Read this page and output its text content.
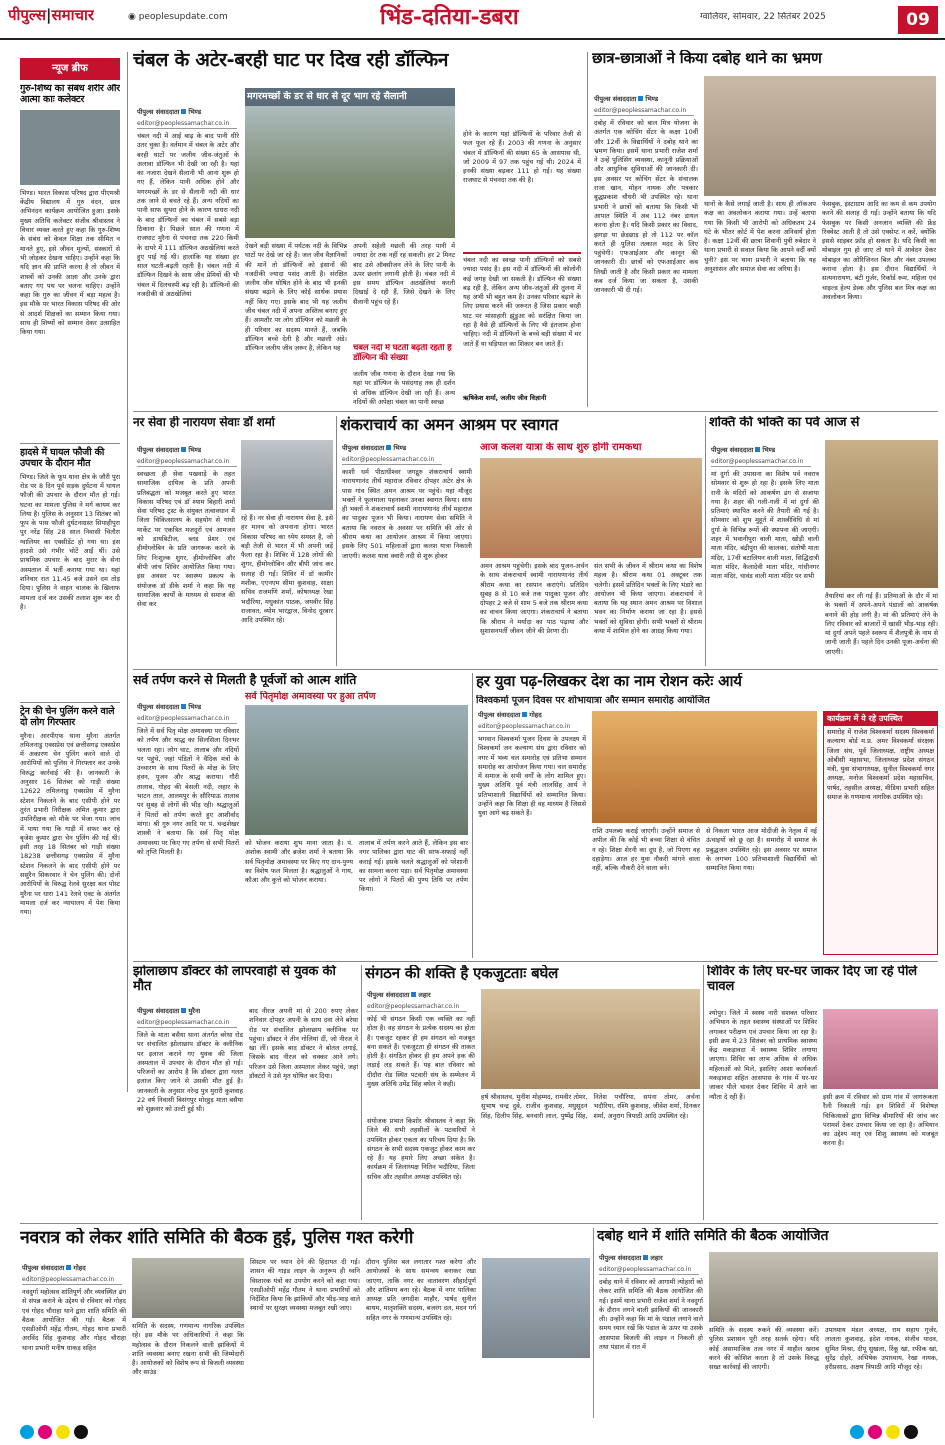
पीपुल्स|समाचार	◉ peoplesupdate.com	भिंड-दतिया-डबरा	ग्वालियर, सोमवार, 22 सितंबर 2025	09
न्यूज ब्रीफ
गुरु-शिष्य का संबंध शरीर और आत्मा काः कलेक्टर
भिण्ड। भारत विकास परिषद द्वारा पीएमश्री केंद्रीय विद्यालय में गुरु वंदन, छात्र अभिनंदन कार्यक्रम आयोजित हुआ। इसके मुख्य अतिथि कलेक्टर संजीव श्रीवास्तव ने विचार व्यक्त करते हुए कहा कि गुरु-शिष्य के संबंध को केवल शिक्षा तक सीमित न मानते हुए, इसे जीवन मूल्यों, संस्कारों से भी जोड़कर देखना चाहिए। उन्होंने कहा कि यदि ज्ञान की प्राप्ति करना है तो जीवन में शास्त्रों को उनकी आज्ञा और उनके द्वारा बताए गए पथ पर चलना चाहिए। उन्होंने कहा कि गुरु का जीवन में बड़ा महत्व है। इस मौके पर भारत विकास परिषद की ओर से आदर्श शिक्षकों का सम्मान किया गया। साथ ही शिष्यों को सम्मान देकर उत्साहित किया गया।
हादसे में घायल फौजी की उपचार के दौरान मौत
भिण्ड। जिले के फूप थाना क्षेत्र के जौरी पुरा रोड पर 8 दिन पूर्व सड़क दुर्घटना में घायल फौजी की उपचार के दौरान मौत हो गई। घटना का मामला पुलिस ने मर्ग कायम कर लिया है। पुलिस के अनुसार 13 सितंबर को फूप के पास फौजी दुर्घटनाग्रस्त सिपाहीपुरा पुर नरेंद्र सिंह 28 साल निवासी चितौरा ग्वालियर का एक्सीडेंट हो गया था। इस हादसे उसे गंभीर चोटें आईं थीं। उसे प्राथमिक उपचार के बाद मुरार के सेना अस्पताल में भर्ती कराया गया था। यहां शनिवार रात 11.45 बजे उसने दम तोड़ दिया। पुलिस ने वाहन चालक के खिलाफ मामला दर्ज कर उसकी तलाश शुरू कर दी है।
ट्रेन की चेन पुलिंग करने वाले दो लोग गिरफ्तार
मुरैना। आरपीएफ थाना मुरैना अंतर्गत तमिलनाडु एक्सप्रेस एवं छत्तीसगढ़ एक्सप्रेस में अकारण चेन पुलिंग करने वाले दो आरोपियों को पुलिस ने गिरफ्तार कर उनके विरुद्ध कार्रवाई की है। जानकारी के अनुसार 16 सितंबर को गाड़ी संख्या 12622 तमिलनाडु एक्सप्रेस में मुरैना स्टेशन निकलने के बाद एसीपी होने पर तुरंत प्रभारी निरीक्षक अमित कुमार द्वारा उपनिरीक्षक को मौके पर भेजा गया। जांच में पाया गया कि गाड़ी में सफर कर रहे बृजेश कुमार द्वारा चेन पुलिंग की गई थी। इसी तरह 18 सितंबर को गाड़ी संख्या 18238 छत्तीसगढ़ एक्सप्रेस में मुरैना स्टेशन निकलने के बाद एसीपी होने पर ससुरैन सिकरवार ने चेन पुलिंग की। दोनों आरोपियों के विरुद्ध रेलवे सुरक्षा बल पोस्ट मुरैना पर धारा 141 रेलवे एक्ट के अंतर्गत मामला दर्ज कर न्यायालय में पेश किया गया।
चंबल के अटेर-बरही घाट पर दिख रही डॉल्फिन
पीपुल्स संवाददाता भिण्ड
editor@peoplessamachar.co.in
चंबल नदी में आई बाढ़ के बाद पानी धीरे उतर चुका है। वर्तमान में चंबल के अटेर और बरही घाटों पर जलीय जीव-जंतुओं के अलावा डॉल्फिन भी देखी जा रही है। यहां का नजारा देखने सैलानी भी आना शुरू हो गए हैं, लेकिन पानी अधिक होने और मगरमच्छों के डर से सैलानी नदी की धार तक जाने से बचते रहे हैं। अन्य नदियों का पानी साफ सुथरा होने के कारण धाधरा नदी के बाद डॉल्फिनों का चंबल में सबसे बड़ा ठिकाना है। पिछले साल की गणना में राजघाट मुरैना से पंचनदा तक 220 किमी के दायरे में 111 डॉल्फिन अठखेलियां करते हुए पाई गई थी। हालांकि यह संख्या हर साल घटती-बढ़ती रहती है। चंबल नदी में डॉल्फिन दिखने के साथ जीव प्रेमियों की भी चंबल में दिलचस्पी बढ़ रही है। डॉल्फिनों की नजदीकी से अठखेलियां
मगरमच्छों के डर से धार से दूर भाग रहे सैलानी
देखने बड़ी संख्या में पर्यटक नदी के विभिन्न घाटों पर देखे जा रहे हैं। जल जीव वैज्ञानिकों की मानें तो डॉल्फिनों को इंसानों की नजदीकी ज्यादा पसंद आती है। संरक्षित जलीय जीव घोषित होने के बाद भी इनकी संख्या बढ़ाने के लिए कोई सार्थक प्रयास नहीं किए गए। इसके बाद भी यह जलीय जीव चंबल नदी में अपना अस्तित्व बनाए हुए हैं। आमतौर पर लोग डॉल्फिन को मछली के ही परिवार का सदस्य मानते हैं, जबकि डॉल्फिन बच्चे देती है और मछली अंडे। डॉल्फिन जलीय जीव ज़रूर है, लेकिन यह
अपनी सहेली मछली की तरह पानी में ज्यादा देर तक नहीं रह सकती। हर 2 मिनट बाद उसे ऑक्सीजन लेने के लिए पानी के ऊपर छलांग लगानी होती है। चंबल नदी में इस समय डॉल्फिन अठखेलियां करती दिखाई दे रही हैं, जिसे देखने के लिए सैलानी पहुंच रहे हैं।
चंबल नदी में घटती बढ़ती रहती है डॉल्फिन की संख्या
जलीय जीव गणना के दौरान देखा गया कि यहां पर डॉल्फिन के पसंदगाह तक ही दर्शन से अधिक डॉल्फिन देखी जा रही हैं। अन्य नदियों की अपेक्षा चंबल का पानी स्वच्छ
होने के कारण यहां डॉल्फिनों के परिवार तेजी से फल फूल रहे हैं। 2003 की गणना के अनुसार चंबल में डॉल्फिनों की संख्या 65 के आसपास थी, जो 2009 में 97 तक पहुंच गई थी। 2024 में इनकी संख्या बढ़कर 111 हो गई। यह संख्या राजघाट से पंचनदा तक की है।
चंबल नदी का स्वच्छ पानी डॉल्फिनों को सबसे ज्यादा पसंद है। इस नदी में डॉल्फिनों की कॉलोनी कई जगह देखी जा सकती है। डॉल्फिन की संख्या बढ़ रही है, लेकिन अन्य जीव-जंतुओं की तुलना में यह अभी भी बहुत कम है। उनका परिवार बढ़ाने के लिए प्रयास करने की जरूरत है जिस प्रकार बरही घाट पर मांसाहारी झुंडुआ को सरंक्षित किया जा रहा है वैसे ही डॉल्फिनों के लिए भी इंतजाम होना चाहिए। नदी में डॉल्फिनों के बच्चे बड़ी संख्या में मर जाते हैं या घड़ियाल का शिकार बन जाते हैं।
ऋषिकेश शर्मा, जलीय जीव विज्ञानी
छात्र-छात्राओं ने किया दबोह थाने का भ्रमण
पीपुल्स संवाददाता भिण्ड
editor@peoplessamachar.co.in
दबोह में रविवार को बाल मित्र योजना के अंतर्गत एक कोचिंग सेंटर के कक्षा 10वीं और 12वीं के विद्यार्थियों ने दबोह थाने का भ्रमण किया। इसमें थाना प्रभारी राजेश शर्मा ने उन्हें पुलिसिंग व्यवस्था, कानूनी प्रक्रियाओं और आधुनिक सुविधाओं की जानकारी दी। इस अवसर पर कोचिंग सेंटर के संचालक राजा खान, मोहन नायक और पत्रकार बुद्धप्रकाश चौधरी भी उपस्थित रहे। थाना प्रभारी ने छात्रों को बताया कि किसी भी आपात स्थिति में अब 112 नंबर डायल करना होता है। यदि किसी प्रकार का विवाद, झगड़ा या छेड़छाड़ हो तो 112 पर कॉल करते ही पुलिस तत्काल मदद के लिए पहुंचेगी। एफआईआर और कानून की जानकारी दी। छात्रों को एफआईआर कब लिखी जाती है और किसी प्रकार का मामला कब दर्ज किया जा सकता है, उसकी जानकारी भी दी गई।
थानों के कैसे लगाई जाती है। साथ ही लॉकअप कक्ष का अवलोकन कराया गया। उन्हें बताया गया कि किसी भी आरोपी को अधिकतम 24 घंटे के भीतर कोर्ट में पेश करना अनिवार्य होता है। कक्षा 12वीं की छात्रा शिवानी पुत्री रुबेदार ने थाना प्रभारी से सवाल किया कि आपने वर्दी क्यों चुनी? इस पर थाना प्रभारी ने बताया कि यह अनुशासन और समाज सेवा का जरिया है।
फेसबुक, इंस्टाग्राम आदि का कम से कम उपयोग करने की सलाह दी गई। उन्होंने बताया कि यदि फेसबुक पर किसी अनजान व्यक्ति की फ्रेंड रिक्वेस्ट आती है तो उसे एक्सेप्ट न करें, क्योंकि इससे साइबर फ्रॉड हो सकता है। यदि किसी का मोबाइल गुम हो जाए तो थाने में आवेदन देकर मोबाइल का ओरिजिनल बिल और नंबर उपलब्ध कराना होता है। इस दौरान विद्यार्थियों ने सत्यनारायण, बंटी गुर्जर, रिकॉर्ड रूम, महिला एवं चाइल्ड हेल्प डेस्क और पुलिस बल मित्र कक्ष का अवलोकन किया।
नर सेवा ही नारायण सेवाः डॉ शर्मा
पीपुल्स संवाददाता भिण्ड
editor@peoplessamachar.co.in
स्वच्छता ही सेवा पखवाड़े के तहत सामाजिक दायित्व के प्रति अपनी प्रतिबद्धता को मजबूत करते हुए भारत विकास परिषद एवं डॉ श्याम बिहारी शर्मा सेवा परिषद ट्रस्ट के संयुक्त तत्वावधान में जिला चिकित्सालय के सहयोग से गांधी मार्केट पर एकत्रित मजदूरों एवं आमजन को डायबिटीज, ब्लड प्रेशर एवं हीमोग्लोबिन के प्रति जागरूक करने के लिए निःशुल्क शुगर, हीमोग्लोबिन और बीपी जांच शिविर आयोजित किया गया। इस अवसर पर स्वास्थ्य प्रकल्प के संयोजक डॉ डीके शर्मा ने कहा कि यह सामाजिक कार्यों के माध्यम से समाज की सेवा कर
रहे हैं। नर सेवा ही नारायण सेवा है, इसे हर मानव को अपनाना होगा। भारत विकास परिषद का ध्येय समस्त है, जो बड़ी तेजी से भारत में भी अपनी जड़ें फैला रहा है। शिविर में 128 लोगों की शुगर, हीमोग्लोबिन और बीपी जांच कर सलाह दी गई। शिविर में डॉ कामीर मशीक, एएनएम सीमा कुशवाह, साक्षा सचिव राजमणि शर्मा, कोषाध्यक्ष रेखा भदौरिया, मधुकांत पाठक, जयवीर सिंह राजावत, व्योम भारद्वाज, विनोद दूरबार आदि उपस्थित रहे।
शंकराचार्य का अमन आश्रम पर स्वागत
पीपुल्स संवाददाता भिण्ड
editor@peoplessamachar.co.in
आज कलश यात्रा के साथ शुरु होगी रामकथा
काशी धर्म पीठाधीश्वर जगद्गुरु शंकराचार्य स्वामी नारायणानंद तीर्थ महाराज रविवार दोपहर अटेर क्षेत्र के पास गांव स्थित अमन आश्रम पर पहुंचे। यहां मौजूद भक्तों ने फूलमाला पहनाकर उनका स्वागत किया। साथ ही भक्तों ने शंकराचार्य स्वामी नारायणानंद तीर्थ महाराज का पादुका पूजन भी किया। नारायण सेवा समिति ने बताया कि नवरात्र के अवसर पर समिति की ओर से श्रीराम कथा का आयोजन आश्रम में किया जाएगा। इसके लिए 501 महिलाओं द्वारा कलश यात्रा निकाली जाएगी। कलश यात्रा क्वारी नदी से शुरू होकर
अमन आश्रम पहुंचेगी। इसके बाद पूजन-अर्चन के साथ शंकराचार्य स्वामी नारायणानंद तीर्थ श्रीराम कथा का रसपान कराएंगे। प्रतिदिन सुबह 8 से 10 बजे तक पादुका पूजन और दोपहर 2 बजे से शाम 5 बजे तक श्रीराम कथा का वाचन किया जाएगा। शंकराचार्य ने बताया कि श्रीराम ने मर्यादा का पाठ पढ़ाया और सुशासनपर्ती जीवन जीने की प्रेरणा दी।
संत सभी के जीवन में श्रीराम कथा का विशेष महत्व है। श्रीराम कथा 01 अक्टूबर तक चलेगी। इसमें प्रतिदिन भक्तों के लिए भंडारे का आयोजन भी किया जाएगा। शंकराचार्य ने बताया कि यह स्थान अमन आश्रम पर विशाल भवन का निर्माण कराया जा रहा है। इससे भक्तों को सुविधा होगी। सभी भक्तों से श्रीराम कथा में शामिल होने का आग्रह किया गया।
शक्ति की भक्ति का पर्व आज से
पीपुल्स संवाददाता भिण्ड
editor@peoplessamachar.co.in
मां दुर्गा की उपासना का विशेष पर्व नवरात्र सोमवार से शुरू हो रहा है। इसके लिए माता रानी के मंदिरों को आकर्षण ढंग से सजाया गया है। शहर की गली-गली में मां दुर्गा की प्रतिमाएं स्थापित करने की तैयारी की गई है। सोमवार को शुभ मुहूर्त में शास्त्रीविधि से मां दुर्गा के विभिन्न रूपों की स्थापना की जाएगी। शहर में भवानीपुरा वाली माता, खोड़ी वाली माता मंदिर, बंद्रीपुरा की कालका, संतोषी माता मंदिर, 17वीं बटालियन वाली माता, सिद्धिदात्री माता मंदिर, कैलादेवी माता मंदिर, गांधीनगर माता मंदिर, चावंड वाली माता मंदिर पर सभी
तैयारियां कर ली गई हैं। प्रतिमाओं के दौर में मां के भक्तों में अपने-अपने पंडालों को आकर्षक बनाने की होड़ लगी है। मां की प्रतिमाएं लेने के लिए रविवार को बाजारों में खासी भीड़-भाड़ रही। मां दुर्गा अपने पहले स्वरूप में शैलपुत्री के नाम से जानी जाती हैं। पहले दिन उनकी पूजा-अर्चना की जाएगी।
सर्व तर्पण करने से मिलती है पूर्वजों को आत्म शांति
पीपुल्स संवाददाता भिण्ड
editor@peoplessamachar.co.in
सर्व पितृमोक्ष अमावस्या पर हुआ तर्पण
जिले में सर्व पितृ मोक्ष अमावस्या पर रविवार को तर्पण और श्राद्ध का सिलसिला दिनभर चलता रहा। लोग घाट, तालाब और नदियों पर पहुंचे, जहां पंडितों ने वैदिक मंत्रों के उच्चारण के साथ पितरों के मोक्ष के लिए हवन, पूजन और श्राद्ध कराया। गौरी तालाब, गोहद की बेसली नदी, लहार के भाटन ताल, आलमपुर के सौरियाऊ तालाब पर सुबह से लोगों की भीड़ रही। श्रद्धालुओं ने पितरों को तर्पण करते हुए आशीर्वाद मांगा। श्री गुरु नगर आदि पर पं. चन्द्रशेखर शास्त्री ने बताया कि सर्व पितृ मोक्ष अमावस्या पर किए गए तर्पण से सभी पितरों को तृप्ति मिलती है।
को भोजन कराया शुभ माना जाता है। पं. अशोक स्वामी और ब्रजेश शर्मा ने बताया कि सर्व पितृमोक्ष अमावस्या पर किए गए दान-पुण्य का विशेष फल मिलता है। श्रद्धालुओं ने गाय, कौआ और कुत्ते को भोजन कराया।
तालाब में तर्पण करने आते हैं, लेकिन इस बार नगर पालिका द्वारा घाट की साफ-सफाई नहीं कराई गई। इसके चलते श्रद्धालुओं को परेशानी का सामना करना पड़ा। सर्व पितृमोक्ष अमावस्या पर लोगों ने पितरों की पुण्य तिथि पर तर्पण किया।
हर युवा पढ़-लिखकर देश का नाम रोशन करेः आर्य
विश्वकर्मा पूजन दिवस पर शोभायात्रा और सम्मान समारोह आयोजित
पीपुल्स संवाददाता गोहद
editor@peoplessamachar.co.in
भगवान विश्वकर्मा पूजन दिवस के उपलक्ष्य में विश्वकर्मा जन कल्याण संघ द्वारा रविवार को नगर में भव्य चल समारोह एवं प्रतिभा सम्मान समारोह का आयोजन किया गया। चल समारोह में समाज के सभी वर्गों के लोग शामिल हुए। मुख्य अतिथि पूर्व मंत्री लालसिंह आर्य ने प्रतिभाशाली विद्यार्थियों को सम्मानित किया। उन्होंने कहा कि शिक्षा ही वह माध्यम है जिससे युवा आगे बढ़ सकते हैं।
राशि उपलब्ध कराई जाएगी। उन्होंने समाज से अपील की कि कोई भी बच्चा शिक्षा से वंचित न रहे। शिक्षा शेरनी का दूध है, जो पिएगा वह दहाड़ेगा। आज हर युवा नौकरी मांगने वाला नहीं, बल्कि नौकरी देने वाला बने।
से निकला भारत आज मोदीजी के नेतृत्व में नई ऊंचाइयों को छू रहा है। समारोह में समाज के प्रबुद्धजन उपस्थित रहे। इस अवसर पर समाज के लगभग 100 प्रतिभाशाली विद्यार्थियों को सम्मानित किया गया।
कार्यक्रम में ये रहे उपस्थित
समारोह में राजेश विश्वकर्मा सदस्य विश्वकर्मा कल्याण बोर्ड म.प्र. अमर विश्वकर्मा संरक्षक जिला संघ, पूर्व जिलाध्यक्ष, राष्ट्रीय अध्यक्ष ओबीसी महासभा, जिलाध्यक्ष प्रदेश संगठन मंत्री, युवा संभागाध्यक्ष, सुनील विश्वकर्मा नगर अध्यक्ष, मनोज विश्वकर्मा प्रदेश महासचिव, पार्षद, तहसील अध्यक्ष, मीडिया प्रभारी सहित समाज के गणमान्य नागरिक उपस्थित रहे।
झोलाछाप डॉक्टर की लापरवाही से युवक की मौत
पीपुल्स संवाददाता मुरैना
editor@peoplessamachar.co.in
जिले के माता बसैया थाना अंतर्गत बरेथा रोड पर संचालित झोलाछाप डॉक्टर के क्लीनिक पर इलाज कराने गए युवक की जिला अस्पताल में उपचार के दौरान मौत हो गई। परिजनों का आरोप है कि डॉक्टर द्वारा गलत इलाज किए जाने से उसकी मौत हुई है। जानकारी के अनुसार नरेन्द्र पुत्र मुरारी कुशवाह 22 वर्ष निवासी बिसंगपुर मोरहुड़ माता बसैया को शुक्रवार को उल्टी हुई थी।
बाद नीरज अपनी मां से 200 रुपए लेकर शनिवार दोपहर अपनी के साथ दवा लेने बरेथा रोड पर संचालित झोलाछाप क्लीनिक पर पहुंचा। डॉक्टर ने तीन गोलियां दीं, जो नीरज ने खा लीं। इसके बाद डॉक्टर ने बोतल लगाई, जिसके बाद नीरज को चक्कर आने लगे। परिजन उसे जिला अस्पताल लेकर पहुंचे, जहां डॉक्टरों ने उसे मृत घोषित कर दिया।
संगठन की शक्ति है एकजुटताः बघेल
पीपुल्स संवाददाता लहार
editor@peoplessamachar.co.in
कोई भी संगठन किसी एक व्यक्ति का नहीं होता है। वह संगठन के प्रत्येक सदस्य का होता है। एकजुट रहकर ही हम संगठन को मजबूत बना सकते हैं। एकजुटता ही संगठन की ताकत होती है। संगठित होकर ही हम अपने हक की लड़ाई लड़ सकते हैं। यह बात रविवार को दीदौरा रोड स्थित पटवारी संघ के सम्मेलन में मुख्य अतिथि उमेंद्र सिंह बघेल ने कही।
संयोजक प्रभात किशोर श्रीवास्तव ने कहा कि जिले की सभी तहसीलों के पटवारियों ने उपस्थित होकर एकता का परिचय दिया है। कि संगठन के सभी सदस्य एकजुट होकर काम कर रहे हैं। यह हमारे लिए अच्छा संकेत है। कार्यक्रम में जिलाध्यक्ष नितिन भदौरिया, जिला सचिव और तहसील अध्यक्ष उपस्थित रहे।
हर्ष श्रीवास्तव, मुनीश मोहम्मद, रामवीर तोमर, सुभाष चन्द्र दुबे, राजीव कुशवाह, मधुसूदन सिंह, दिलीप सिंह, बनवारी लाल, पुष्पेंद्र सिंह, नितेश पचौरिया, सपना तोमर, अर्चना भदौरिया, रश्मि कुशवाह, जीवेश शर्मा, दिनकर शर्मा, अनुराग त्रिपाठी आदि उपस्थित रहे।
शिविर के लिए घर-घर जाकर दिए जा रहे पीले चावल
श्योपुर। जिले में स्वस्थ नारी सशक्त परिवार अभियान के तहत स्वास्थ्य संस्थाओं पर शिविर लगाकर परीक्षण एवं उपचार किया जा रहा है। इसी क्रम में 23 सितंबर को प्राथमिक स्वास्थ्य केंद्र मकड़ावदा में स्वास्थ्य शिविर लगाया जाएगा। शिविर का लाभ अधिक से अधिक महिलाओं को मिले, इसलिए आशा कार्यकर्ता मकड़ावदा सहित आसपास के गांव में घर-घर जाकर पीले चावल देकर शिविर में आने का न्यौता दे रही हैं।	इसी क्रम में रविवार को ग्राम गांव में जागरूकता रैली निकाली गई। इन शिविरों में विशेषज्ञ चिकित्सकों द्वारा विभिन्न बीमारियों की जांच कर परामर्श देकर उपचार किया जा रहा है। अभियान का उद्देश्य मातृ एवं शिशु स्वास्थ्य को मजबूत करना है।
नवरात्र को लेकर शांति समिति की बैठक हुई, पुलिस गश्त करेगी
पीपुल्स संवाददाता गोहद
editor@peoplessamachar.co.in
नवदुर्गा महोत्सव शांतिपूर्ण और व्यवस्थित ढंग से संपन्न कराने के उद्देश्य से रविवार को गोहद एवं गोहद चौराहा थाने द्वारा शांति समिति की बैठक आयोजित की गई। बैठक में एसडीओपी महेंद्र गौतम, गोहद थाना प्रभारी अरविंद सिंह कुशवाह और गोहद चौराहा थाना प्रभारी मनीष धाकड़ सहित
समिति के सदस्य, गणमान्य नागरिक उपस्थित रहे। इस मौके पर अधिकारियों ने कहा कि महोत्सव के दौरान निकलने वाली झांकियों में शांति व्यवस्था बनाए रखना सभी की जिम्मेदारी है। आयोजकों को विशेष रूप से बिजली व्यवस्था और साउंड
सिस्टम पर ध्यान देने की हिदायत दी गई। शासन की गाइड लाइन के अनुरूप ही ध्वनि विस्तारक यंत्रों का उपयोग करने को कहा गया। एसडीओपी महेंद्र गौतम ने थाना प्रभारियों को निर्देशित किया कि झांकियों और भीड़-भाड़ वाले स्थानों पर सुरक्षा व्यवस्था मजबूत रखी जाए।
दौरान पुलिस बल लगातार गश्त करेगा और आयोजकों के साथ समन्वय बनाकर रखा जाएगा, ताकि नगर का वातावरण सौहार्दपूर्ण और शांतिमय बना रहे। बैठक में नगर पालिका अध्यक्ष प्रति जगदीश माहौर, पार्षद सुनील बाथम, मातृशक्ति सदस्य, बजरंग दल, मदन गर्ग सहित नगर के गणमान्य उपस्थित रहे।
दबोह थाने में शांति समिति की बैठक आयोजित
पीपुल्स संवाददाता लहार
editor@peoplessamachar.co.in
दबोह थाने में रविवार को आगामी त्योहारों को लेकर शांति समिति की बैठक आयोजित की गई। इसमें थाना प्रभारी राजेश शर्मा ने नवदुर्गा के दौरान लगने वाली झांकियों की जानकारी ली। उन्होंने कहा कि मां के पंडाल लगाने वाले समय ध्यान रखें कि पंडाल के ऊपर या उसके आसपास बिजली की लाइन न निकली हो तथा पंडाल में रात में
समिति के सदस्य रुकने की व्यवस्था करें। पुलिस प्रशासन पूरी तरह सतर्क रहेगा। यदि कोई असामाजिक तत्व नगर में माहौल खराब करने की कोशिश करता है तो उसके विरुद्ध सख्त कार्रवाई की जाएगी।
उपाध्याय मंडल अध्यक्ष, राम सहाय गुर्जर, लालता कुशवाह, इदेश नायक, संजीव यादव, सुमित मिश्रा, दीपू सुखला, रिंकू खां, रफीक खां, सुरेंद्र दोहरे, अभिषेक उपाध्याय, रेखा नायक, हरीप्रसाद, अक्षय त्रिपाठी आदि मौजूद रहे।
